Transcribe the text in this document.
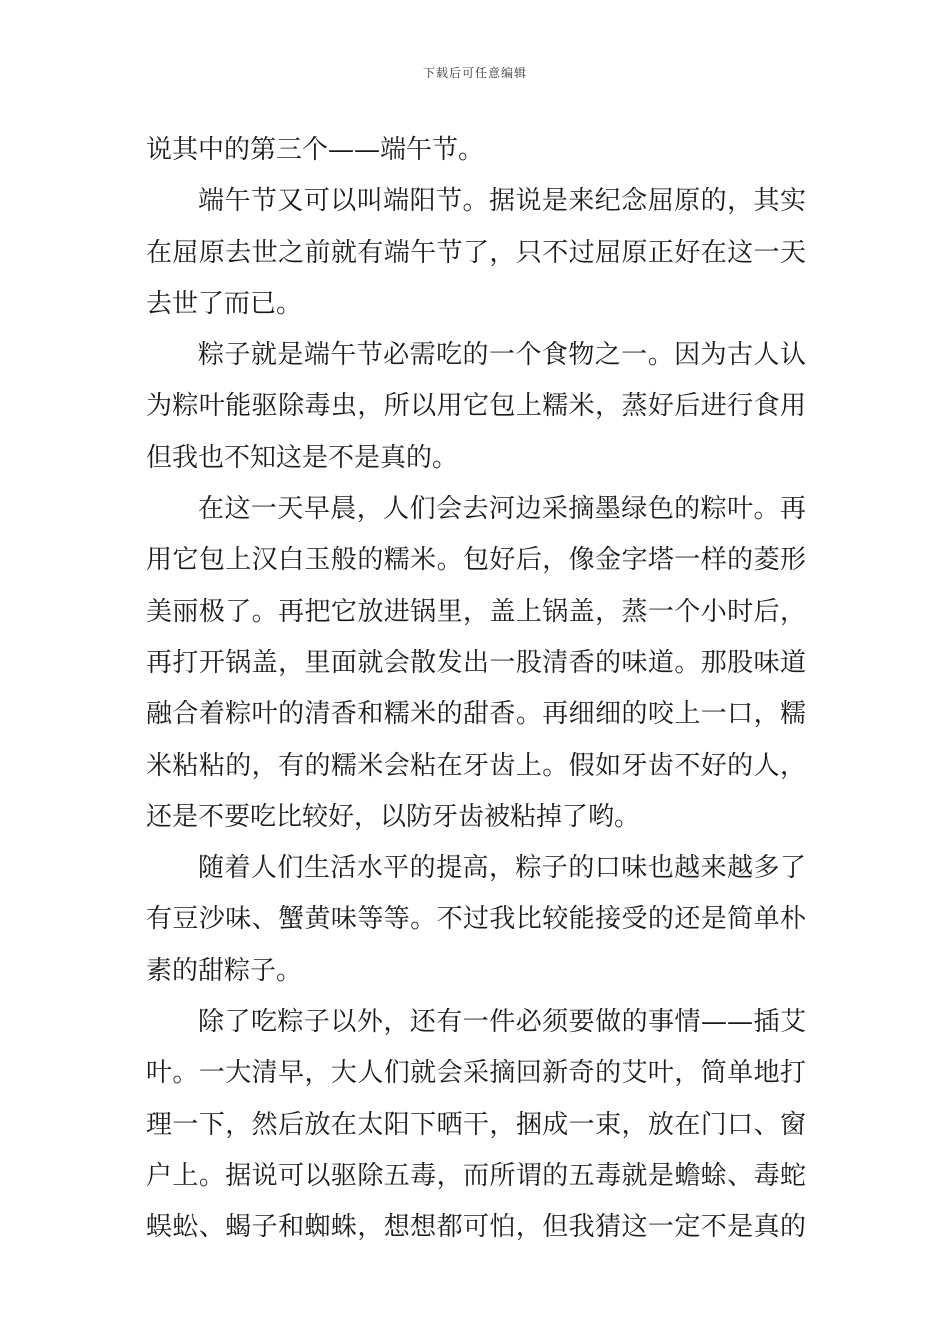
下载后可任意编辑
说其中的第三个——端午节。
端午节又可以叫端阳节。据说是来纪念屈原的，其实
在屈原去世之前就有端午节了，只不过屈原正好在这一天
去世了而已。
粽子就是端午节必需吃的一个食物之一。因为古人认
为粽叶能驱除毒虫，所以用它包上糯米，蒸好后进行食用
但我也不知这是不是真的。
在这一天早晨，人们会去河边采摘墨绿色的粽叶。再
用它包上汉白玉般的糯米。包好后，像金字塔一样的菱形
美丽极了。再把它放进锅里，盖上锅盖，蒸一个小时后，
再打开锅盖，里面就会散发出一股清香的味道。那股味道
融合着粽叶的清香和糯米的甜香。再细细的咬上一口，糯
米粘粘的，有的糯米会粘在牙齿上。假如牙齿不好的人，
还是不要吃比较好，以防牙齿被粘掉了哟。
随着人们生活水平的提高，粽子的口味也越来越多了
有豆沙味、蟹黄味等等。不过我比较能接受的还是简单朴
素的甜粽子。
除了吃粽子以外，还有一件必须要做的事情——插艾
叶。一大清早，大人们就会采摘回新奇的艾叶，简单地打
理一下，然后放在太阳下晒干，捆成一束，放在门口、窗
户上。据说可以驱除五毒，而所谓的五毒就是蟾蜍、毒蛇
蜈蚣、蝎子和蜘蛛，想想都可怕，但我猜这一定不是真的
